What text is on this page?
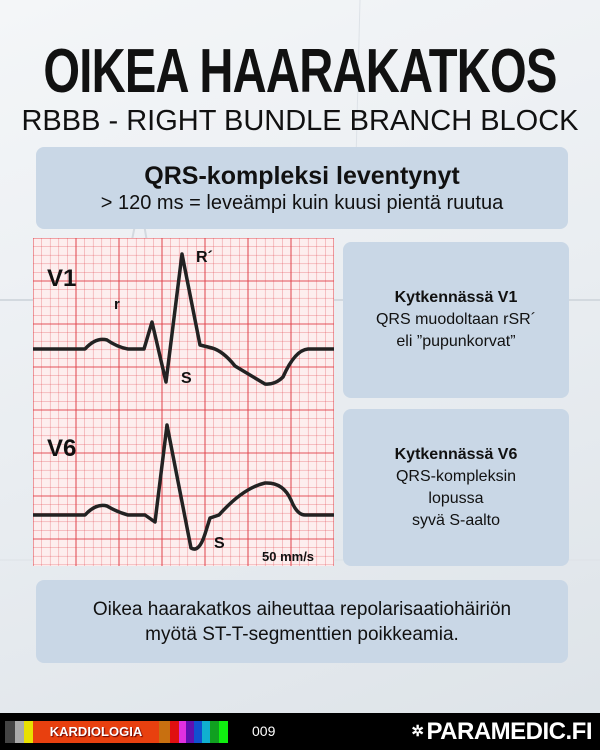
OIKEA HAARAKATKOS
RBBB - RIGHT BUNDLE BRANCH BLOCK
QRS-kompleksi leventynyt
> 120 ms = leveämpi kuin kuusi pientä ruutua
V1
r
R´
S
V6
S
50 mm/s
Kytkennässä V1
QRS muodoltaan rSR´
eli ”pupunkorvat”
Kytkennässä V6
QRS-kompleksin
lopussa
syvä S-aalto
Oikea haarakatkos aiheuttaa repolarisaatiohäiriön
myötä ST-T-segmenttien poikkeamia.
KARDIOLOGIA	009	✲ PARAMEDIC.FI
